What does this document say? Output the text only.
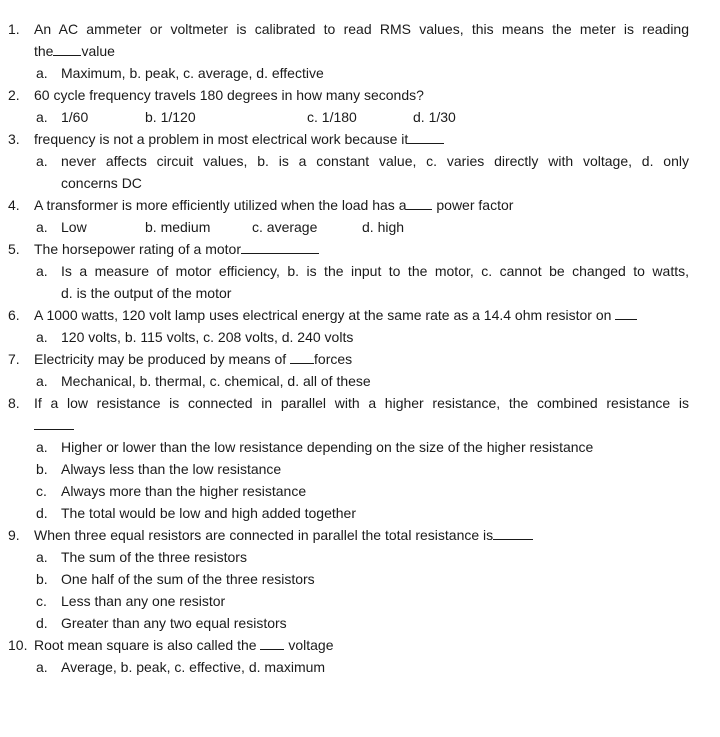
1. An AC ammeter or voltmeter is calibrated to read RMS values, this means the meter is reading
the value
a. Maximum, b. peak, c. average, d. effective
2. 60 cycle frequency travels 180 degrees in how many seconds?
a. 1/60	b. 1/120	c. 1/180	d. 1/30
3. frequency is not a problem in most electrical work because it
a. never affects circuit values, b. is a constant value, c. varies directly with voltage, d. only
concerns DC
4. A transformer is more efficiently utilized when the load has a power factor
a. Low	b. medium	c. average	d. high
5. The horsepower rating of a motor
a. Is a measure of motor efficiency, b. is the input to the motor, c. cannot be changed to watts,
d. is the output of the motor
6. A 1000 watts, 120 volt lamp uses electrical energy at the same rate as a 14.4 ohm resistor on
a. 120 volts, b. 115 volts, c. 208 volts, d. 240 volts
7. Electricity may be produced by means of forces
a. Mechanical, b. thermal, c. chemical, d. all of these
8. If a low resistance is connected in parallel with a higher resistance, the combined resistance is
a. Higher or lower than the low resistance depending on the size of the higher resistance
b. Always less than the low resistance
c. Always more than the higher resistance
d. The total would be low and high added together
9. When three equal resistors are connected in parallel the total resistance is
a. The sum of the three resistors
b. One half of the sum of the three resistors
c. Less than any one resistor
d. Greater than any two equal resistors
10. Root mean square is also called the voltage
a. Average, b. peak, c. effective, d. maximum
